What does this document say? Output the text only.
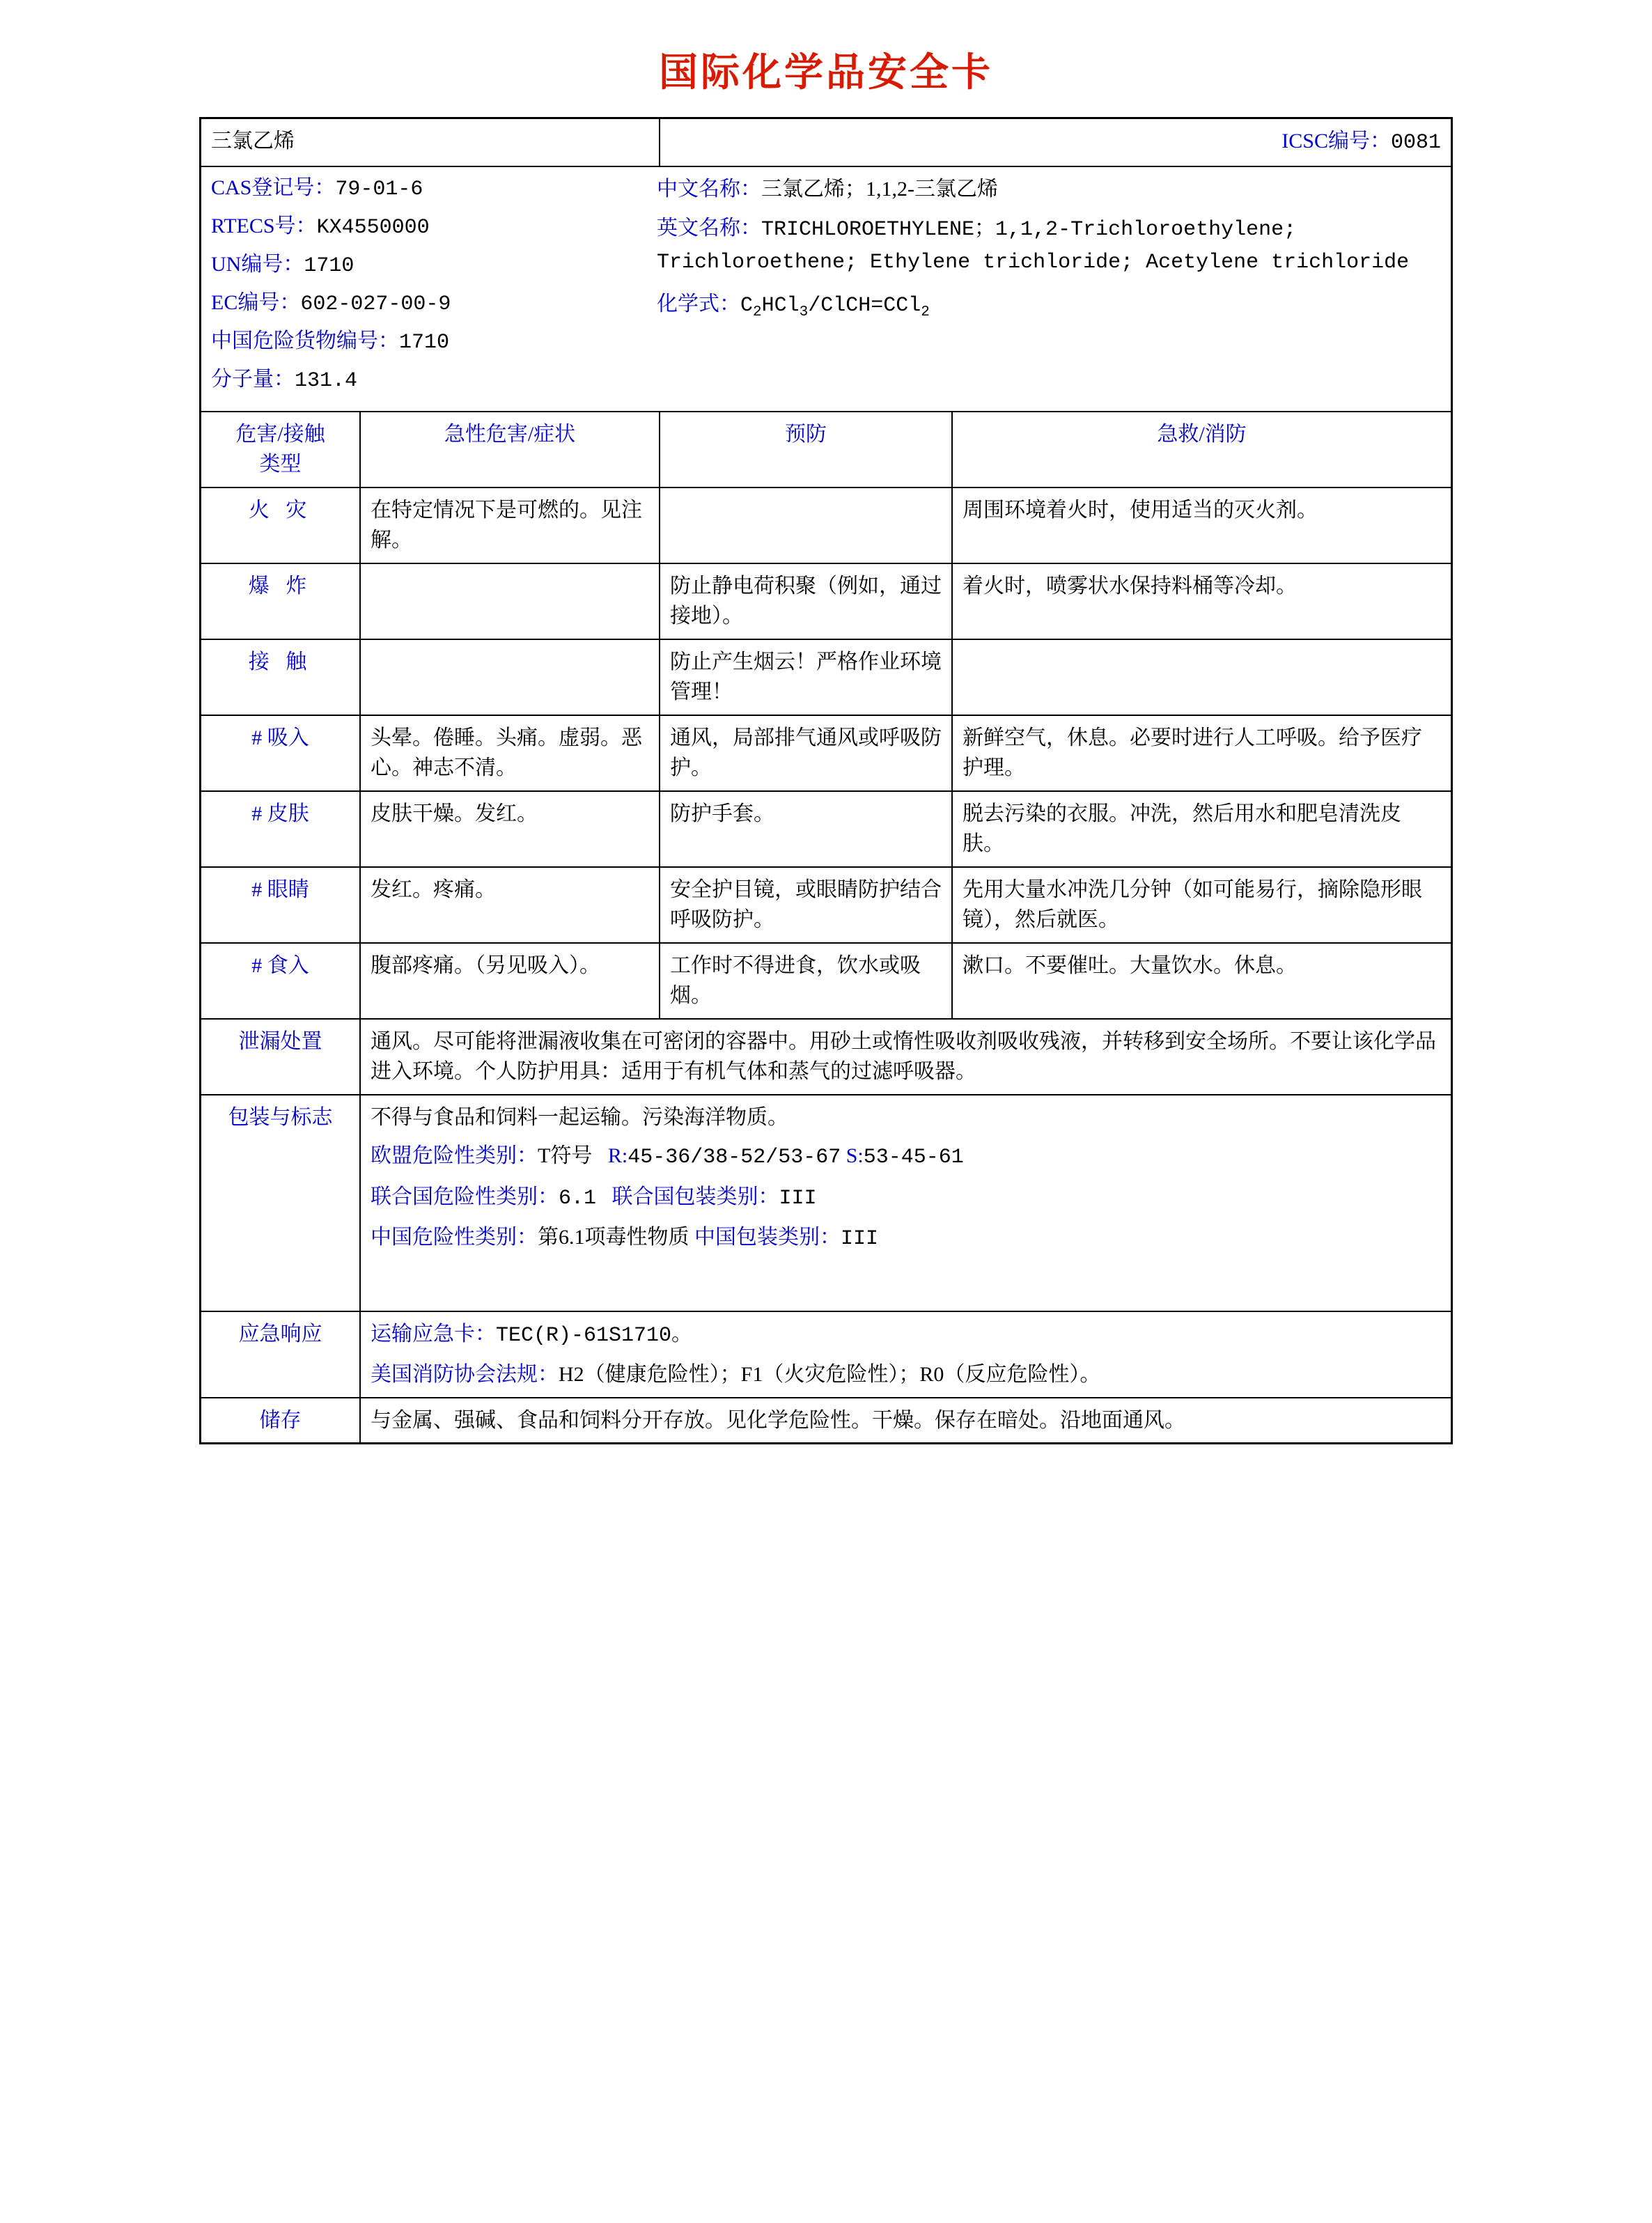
国际化学品安全卡
三氯乙烯		ICSC编号：0081	

CAS登记号：79-01-6
RTECS号：KX4550000
UN编号：1710
EC编号：602-027-00-9
中国危险货物编号：1710
分子量：131.4
中文名称：三氯乙烯；1,1,2-三氯乙烯
英文名称：TRICHLOROETHYLENE；1,1,2-Trichloroethylene; Trichloroethene; Ethylene trichloride; Acetylene trichloride
化学式：$C_2HCl_3/ClCH=CCl_2$

危害/接触
类型	急性危害/症状	预防	急救/消防
火 灾	在特定情况下是可燃的。见注解。		周围环境着火时，使用适当的灭火剂。
爆 炸		防止静电荷积聚（例如，通过接地）。	着火时，喷雾状水保持料桶等冷却。
接 触		防止产生烟云！严格作业环境管理！	
# 吸入	头晕。倦睡。头痛。虚弱。恶心。神志不清。	通风，局部排气通风或呼吸防护。	新鲜空气，休息。必要时进行人工呼吸。给予医疗护理。
# 皮肤	皮肤干燥。发红。	防护手套。	脱去污染的衣服。冲洗，然后用水和肥皂清洗皮肤。
# 眼睛	发红。疼痛。	安全护目镜，或眼睛防护结合呼吸防护。	先用大量水冲洗几分钟（如可能易行，摘除隐形眼镜），然后就医。
# 食入	腹部疼痛。（另见吸入）。	工作时不得进食，饮水或吸烟。	漱口。不要催吐。大量饮水。休息。
泄漏处置	通风。尽可能将泄漏液收集在可密闭的容器中。用砂土或惰性吸收剂吸收残液，并转移到安全场所。不要让该化学品进入环境。个人防护用具：适用于有机气体和蒸气的过滤呼吸器。		
包装与标志	不得与食品和饲料一起运输。污染海洋物质。

欧盟危险性类别：T符号 R:45-36/38-52/53-67 S:53-45-61

联合国危险性类别：6.1 联合国包装类别：III

中国危险性类别：第6.1项毒性物质 中国包装类别：III		

应急响应	运输应急卡：TEC(R)-61S1710。

美国消防协会法规：H2（健康危险性）；F1（火灾危险性）；R0（反应危险性）。		

储存	与金属、强碱、食品和饲料分开存放。见化学危险性。干燥。保存在暗处。沿地面通风。		
